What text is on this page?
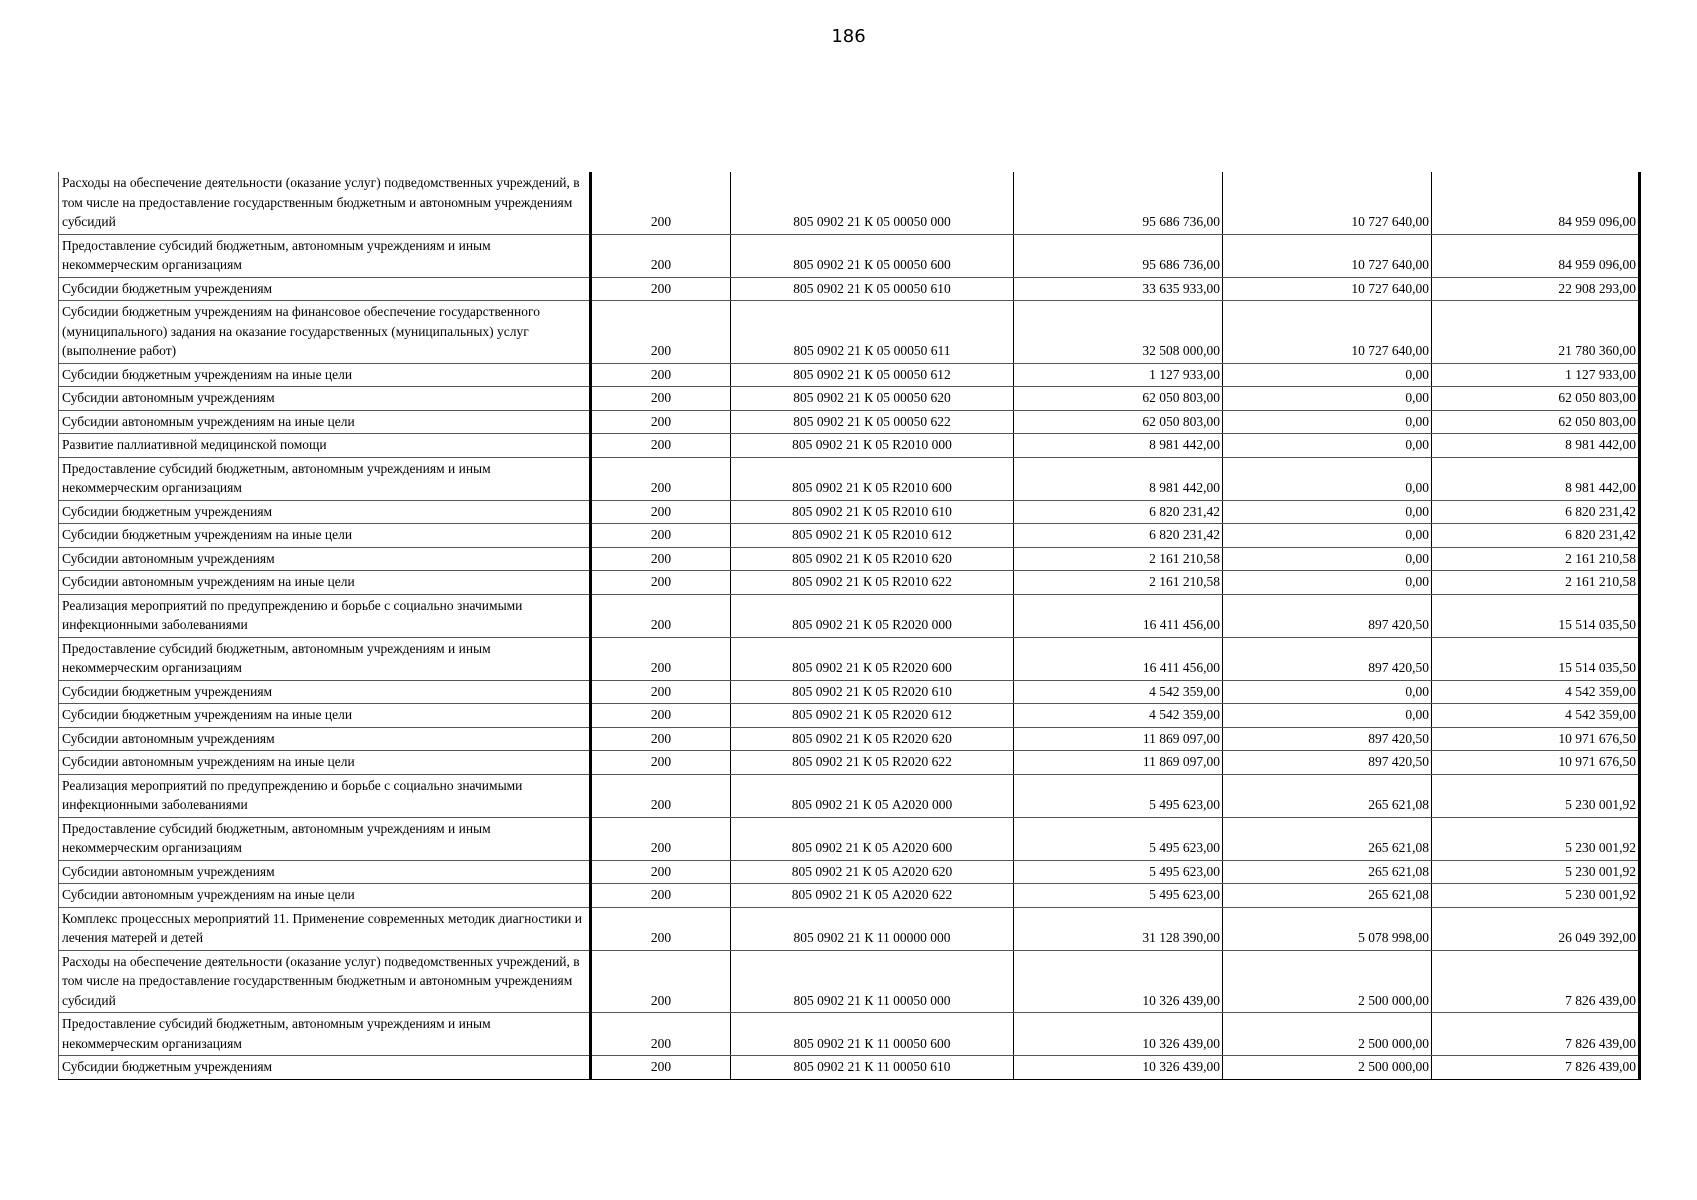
186
Расходы на обеспечение деятельности (оказание услуг) подведомственных учреждений, в том числе на предоставление государственным бюджетным и автономным учреждениям субсидий	200	805 0902 21 К 05 00050 000	95 686 736,00	10 727 640,00	84 959 096,00
Предоставление субсидий бюджетным, автономным учреждениям и иным некоммерческим организациям	200	805 0902 21 К 05 00050 600	95 686 736,00	10 727 640,00	84 959 096,00
Субсидии бюджетным учреждениям	200	805 0902 21 К 05 00050 610	33 635 933,00	10 727 640,00	22 908 293,00
Субсидии бюджетным учреждениям на финансовое обеспечение государственного (муниципального) задания на оказание государственных (муниципальных) услуг (выполнение работ)	200	805 0902 21 К 05 00050 611	32 508 000,00	10 727 640,00	21 780 360,00
Субсидии бюджетным учреждениям на иные цели	200	805 0902 21 К 05 00050 612	1 127 933,00	0,00	1 127 933,00
Субсидии автономным учреждениям	200	805 0902 21 К 05 00050 620	62 050 803,00	0,00	62 050 803,00
Субсидии автономным учреждениям на иные цели	200	805 0902 21 К 05 00050 622	62 050 803,00	0,00	62 050 803,00
Развитие паллиативной медицинской помощи	200	805 0902 21 К 05 R2010 000	8 981 442,00	0,00	8 981 442,00
Предоставление субсидий бюджетным, автономным учреждениям и иным некоммерческим организациям	200	805 0902 21 К 05 R2010 600	8 981 442,00	0,00	8 981 442,00
Субсидии бюджетным учреждениям	200	805 0902 21 К 05 R2010 610	6 820 231,42	0,00	6 820 231,42
Субсидии бюджетным учреждениям на иные цели	200	805 0902 21 К 05 R2010 612	6 820 231,42	0,00	6 820 231,42
Субсидии автономным учреждениям	200	805 0902 21 К 05 R2010 620	2 161 210,58	0,00	2 161 210,58
Субсидии автономным учреждениям на иные цели	200	805 0902 21 К 05 R2010 622	2 161 210,58	0,00	2 161 210,58
Реализация мероприятий по предупреждению и борьбе с социально значимыми инфекционными заболеваниями	200	805 0902 21 К 05 R2020 000	16 411 456,00	897 420,50	15 514 035,50
Предоставление субсидий бюджетным, автономным учреждениям и иным некоммерческим организациям	200	805 0902 21 К 05 R2020 600	16 411 456,00	897 420,50	15 514 035,50
Субсидии бюджетным учреждениям	200	805 0902 21 К 05 R2020 610	4 542 359,00	0,00	4 542 359,00
Субсидии бюджетным учреждениям на иные цели	200	805 0902 21 К 05 R2020 612	4 542 359,00	0,00	4 542 359,00
Субсидии автономным учреждениям	200	805 0902 21 К 05 R2020 620	11 869 097,00	897 420,50	10 971 676,50
Субсидии автономным учреждениям на иные цели	200	805 0902 21 К 05 R2020 622	11 869 097,00	897 420,50	10 971 676,50
Реализация мероприятий по предупреждению и борьбе с социально значимыми инфекционными заболеваниями	200	805 0902 21 К 05 А2020 000	5 495 623,00	265 621,08	5 230 001,92
Предоставление субсидий бюджетным, автономным учреждениям и иным некоммерческим организациям	200	805 0902 21 К 05 А2020 600	5 495 623,00	265 621,08	5 230 001,92
Субсидии автономным учреждениям	200	805 0902 21 К 05 А2020 620	5 495 623,00	265 621,08	5 230 001,92
Субсидии автономным учреждениям на иные цели	200	805 0902 21 К 05 А2020 622	5 495 623,00	265 621,08	5 230 001,92
Комплекс процессных мероприятий 11. Применение современных методик диагностики и лечения матерей и детей	200	805 0902 21 К 11 00000 000	31 128 390,00	5 078 998,00	26 049 392,00
Расходы на обеспечение деятельности (оказание услуг) подведомственных учреждений, в том числе на предоставление государственным бюджетным и автономным учреждениям субсидий	200	805 0902 21 К 11 00050 000	10 326 439,00	2 500 000,00	7 826 439,00
Предоставление субсидий бюджетным, автономным учреждениям и иным некоммерческим организациям	200	805 0902 21 К 11 00050 600	10 326 439,00	2 500 000,00	7 826 439,00
Субсидии бюджетным учреждениям	200	805 0902 21 К 11 00050 610	10 326 439,00	2 500 000,00	7 826 439,00
